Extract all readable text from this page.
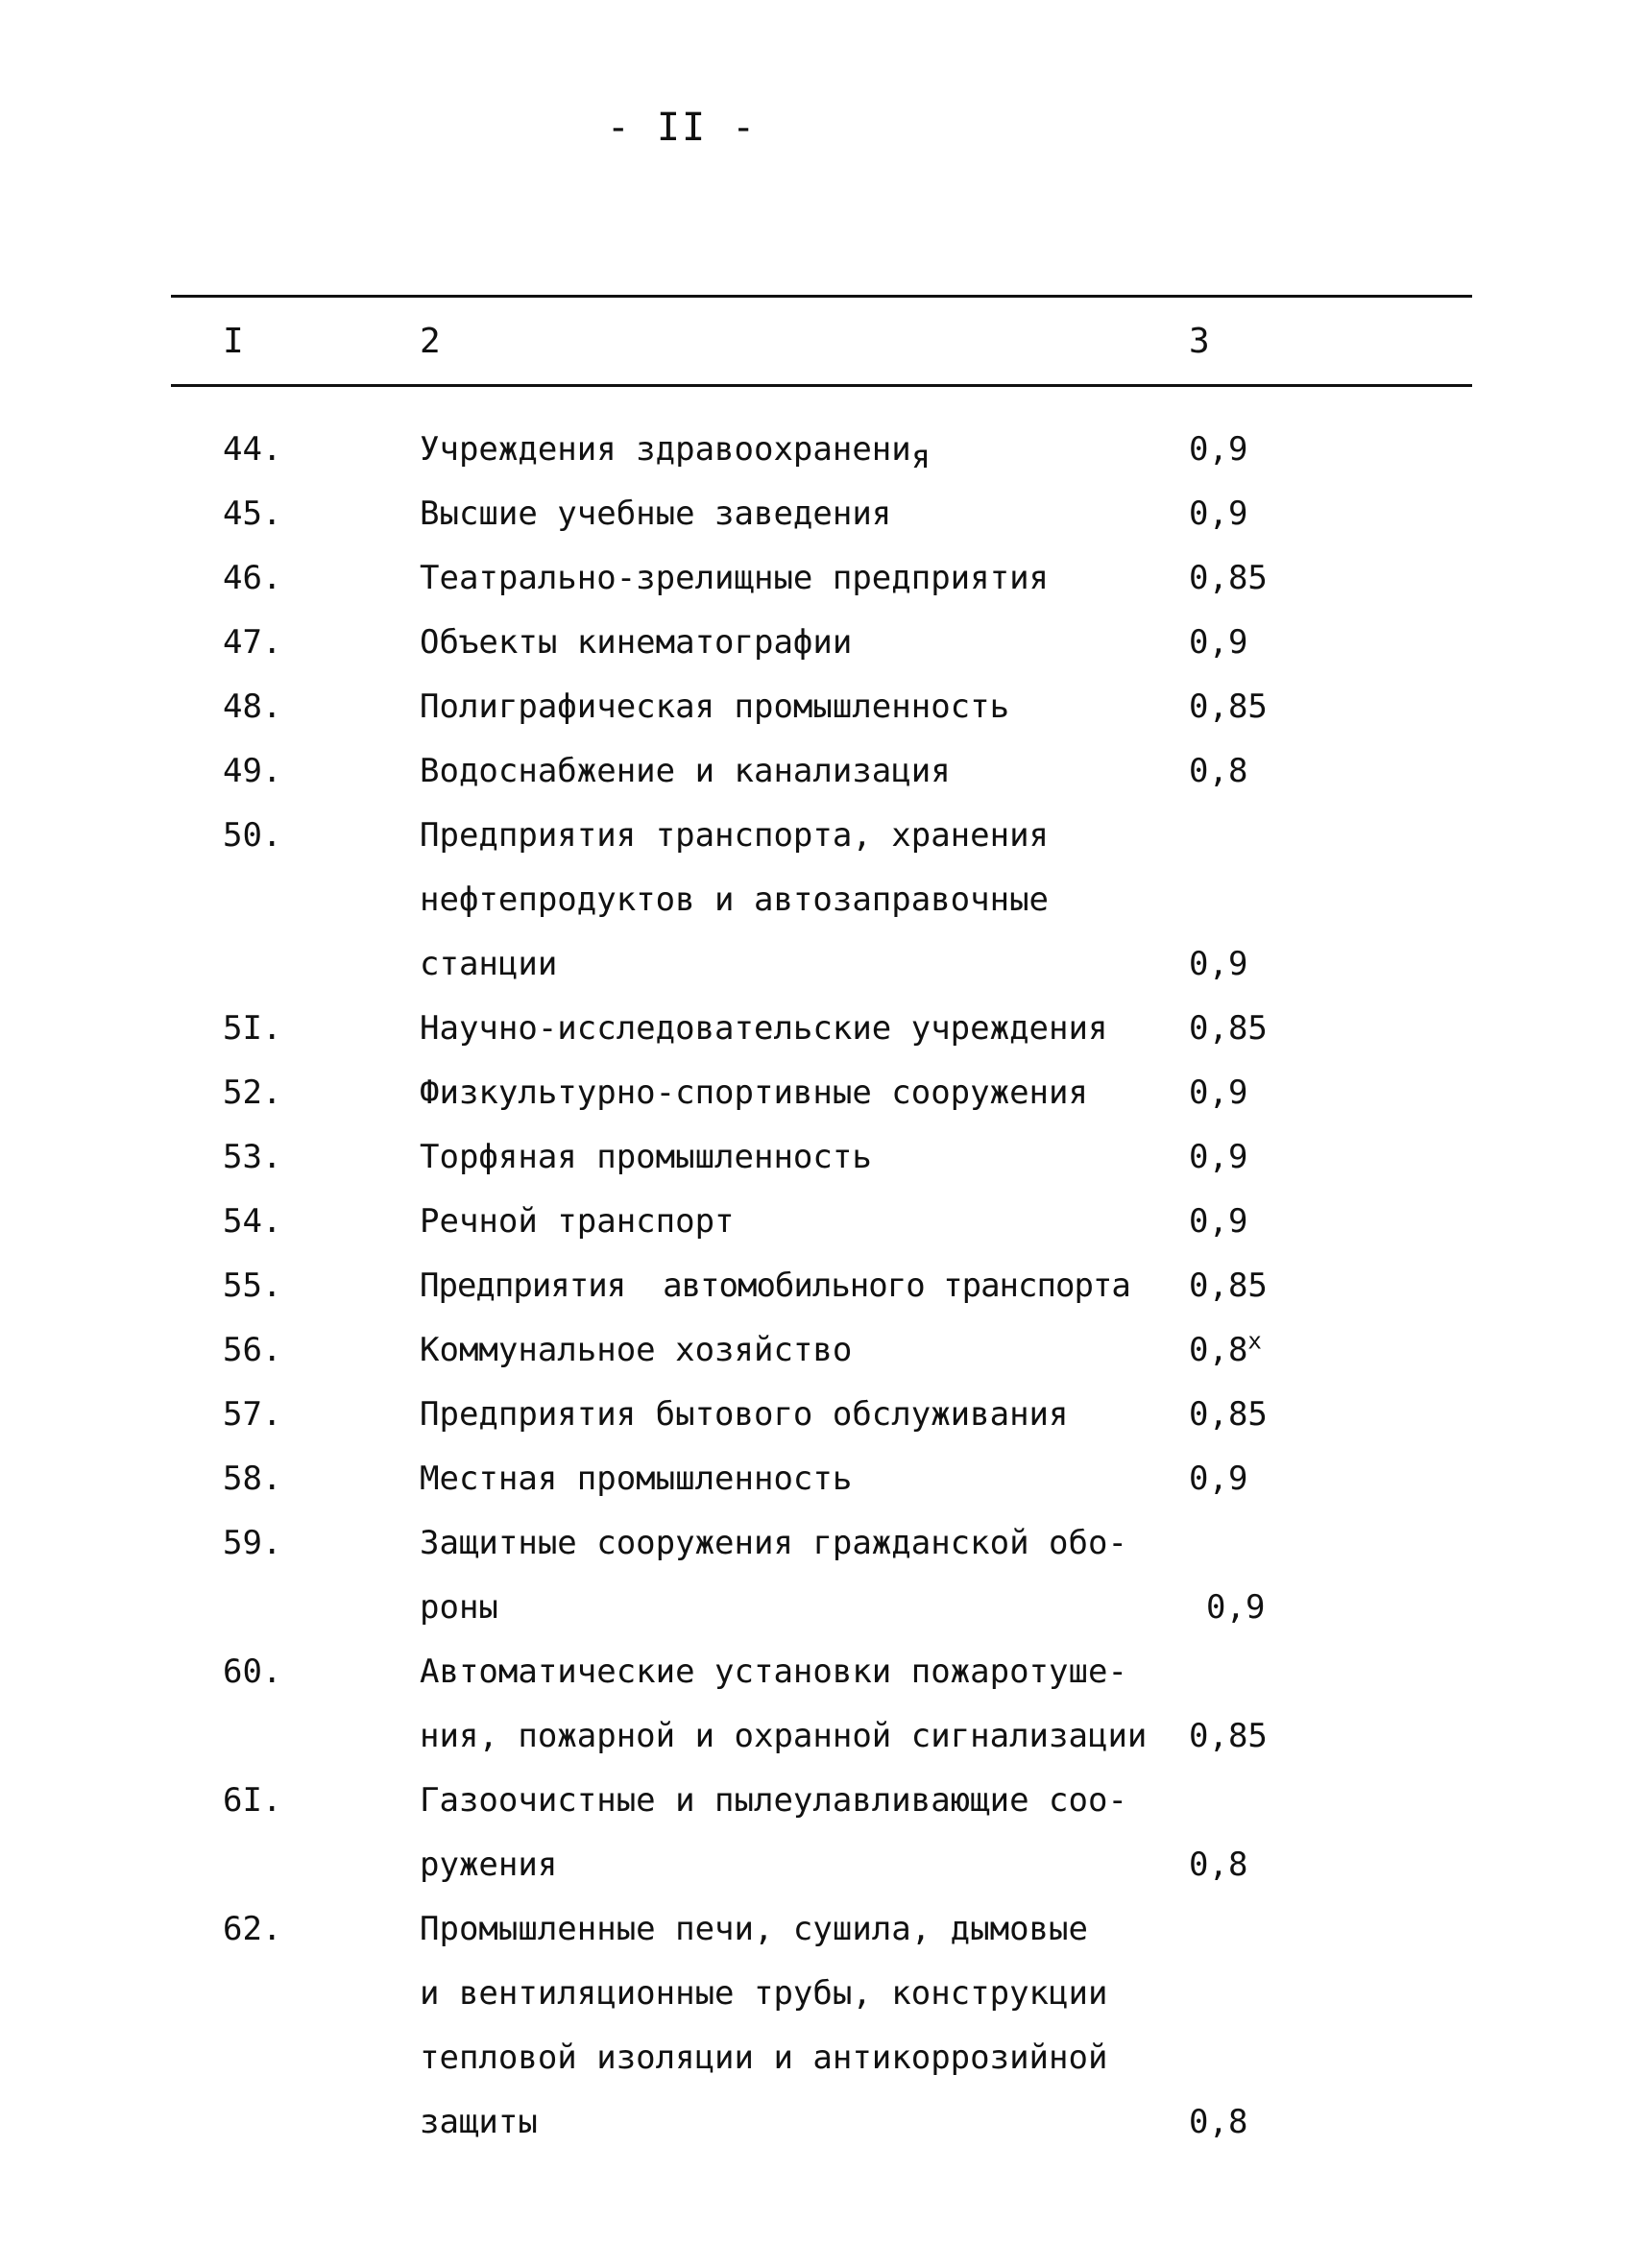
- II -
I	2	3
44.	Учреждения здравоохранени$_я$	0,9
45.	Высшие учебные заведения	0,9
46.	Театрально-зрелищные предприятия	0,85
47.	Объекты кинематографии	0,9
48.	Полиграфическая промышленность	0,85
49.	Водоснабжение и канализация	0,8
50.	Предприятия транспорта, хранения
нефтепродуктов и автозаправочные
станции	0,9
5I.	Научно-исследовательские учреждения	0,85
52.	Физкультурно-спортивные сооружения	0,9
53.	Торфяная промышленность	0,9
54.	Речной транспорт	0,9
55.	Предприятия  автомобильного транспорта	0,85
56.	Коммунальное хозяйство	0,8$^x$
57.	Предприятия бытового обслуживания	0,85
58.	Местная промышленность	0,9
59.	Защитные сооружения гражданской обо-
роны	0,9
60.	Автоматические установки пожаротуше-
ния, пожарной и охранной сигнализации	0,85
6I.	Газоочистные и пылеулавливающие соо-
ружения	0,8
62.	Промышленные печи, сушила, дымовые
и вентиляционные трубы, конструкции
тепловой изоляции и антикоррозийной
защиты	0,8
